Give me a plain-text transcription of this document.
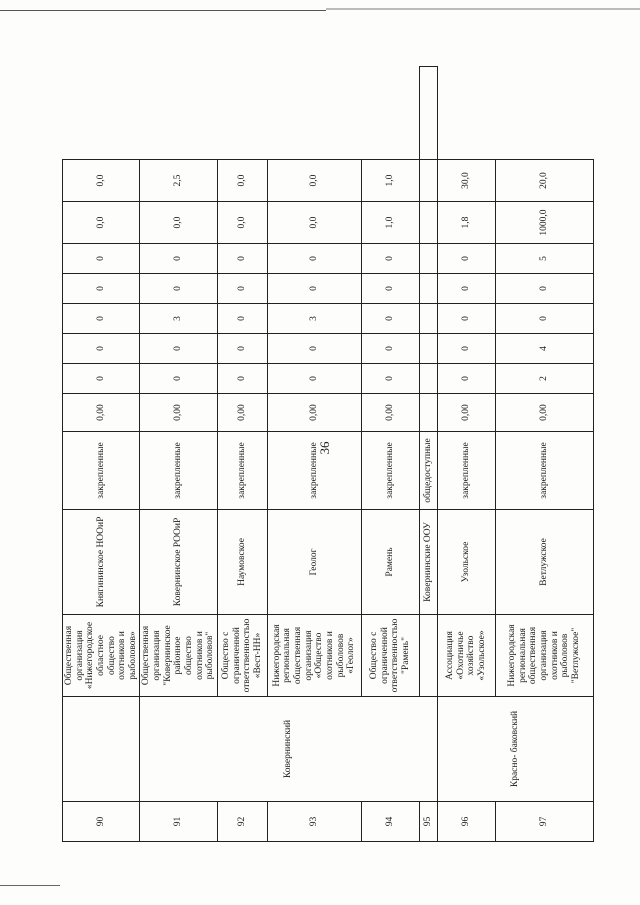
36
90		Общественная организация «Нижегородское областное общество охотников и рыболовов»	Княгининское НООиР	закрепленные	0,00	0	0	0	0	0	0,0	0,0	
91	Ковернинский	Общественная организация "Ковернинское районное общество охотников и рыболовов"	Ковернинское РООиР	закрепленные	0,00	0	0	3	0	0	0,0	2,5	
92		Общество с ограниченной ответственностью «Вест-НН»	Наумовское	закрепленные	0,00	0	0	0	0	0	0,0	0,0	
93		Нижегородская региональная общественная организация «Общество охотников и рыболовов «Геолог»	Геолог	закрепленные	0,00	0	0	3	0	0	0,0	0,0	
94		Общество с ограниченной ответственностью "Рамень"	Рамень	закрепленные	0,00	0	0	0	0	0	1,0	1,0	
95			Ковернинские ООУ	общедоступные									
96	Красно- баковский	Ассоциация «Охотничье хозяйство «Узольское»	Узольское	закрепленные	0,00	0	0	0	0	0	1,8	30,0	
97		Нижегородская региональная общественная организация охотников и рыболовов "Ветлужское"	Ветлужское	закрепленные	0,00	2	4	0	0	5	1000,0	20,0	
